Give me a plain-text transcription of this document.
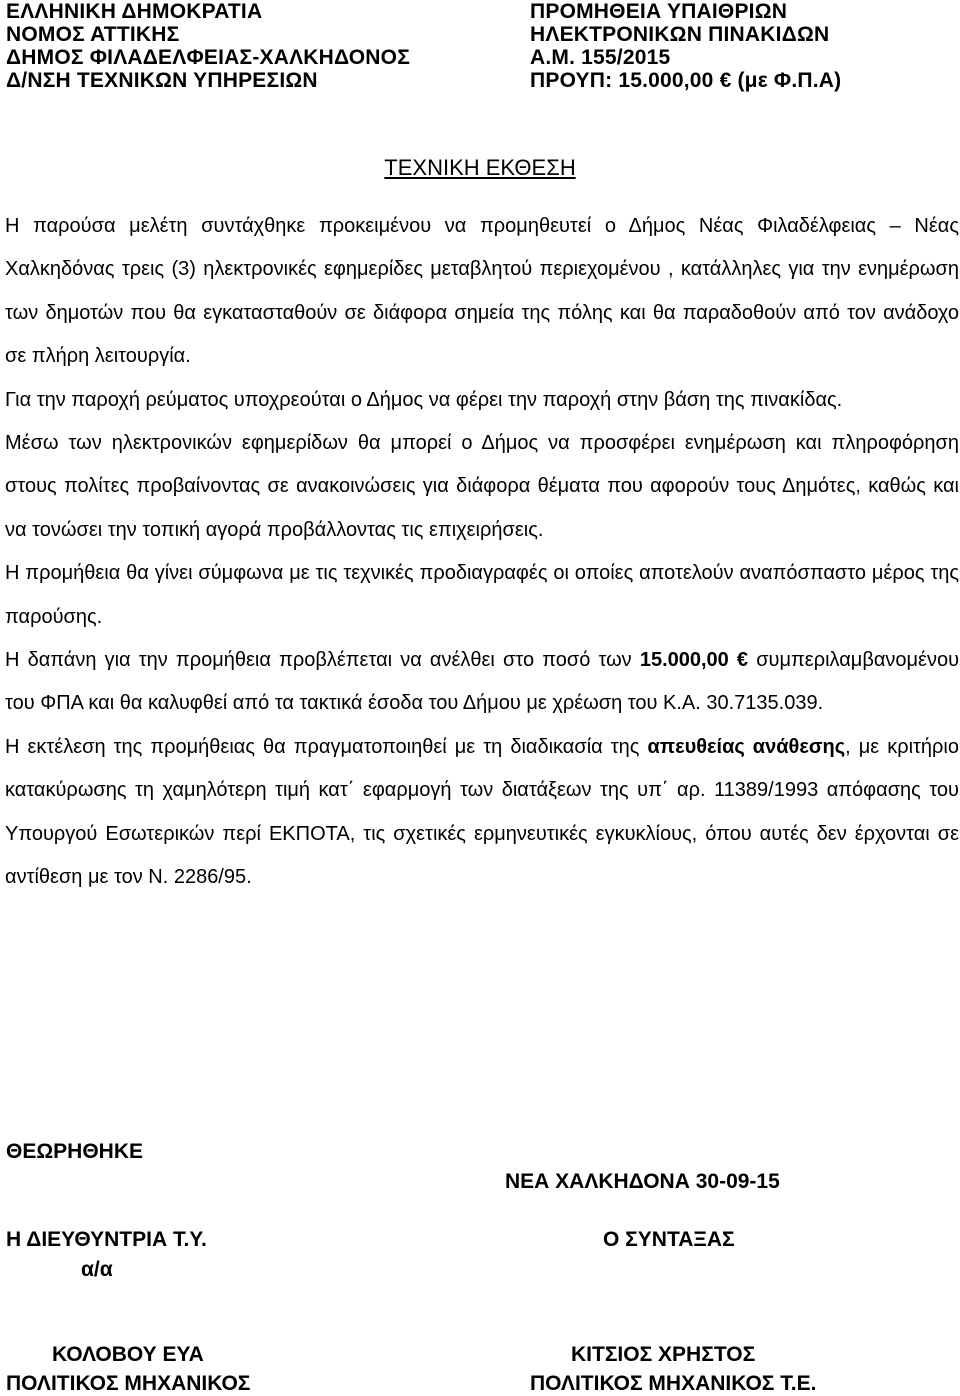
ΕΛΛΗΝΙΚΗ ΔΗΜΟΚΡΑΤΙΑ
ΝΟΜΟΣ ΑΤΤΙΚΗΣ
ΔΗΜΟΣ ΦΙΛΑΔΕΛΦΕΙΑΣ-ΧΑΛΚΗΔΟΝΟΣ
Δ/ΝΣΗ ΤΕΧΝΙΚΩΝ ΥΠΗΡΕΣΙΩΝ
ΠΡΟΜΗΘΕΙΑ ΥΠΑΙΘΡΙΩΝ
ΗΛΕΚΤΡΟΝΙΚΩΝ ΠΙΝΑΚΙΔΩΝ
Α.Μ. 155/2015
ΠΡΟΥΠ: 15.000,00 € (με Φ.Π.Α)
ΤΕΧΝΙΚΗ ΕΚΘΕΣΗ

Η παρούσα μελέτη συντάχθηκε προκειμένου να προμηθευτεί ο Δήμος Νέας Φιλαδέλφειας – Νέας Χαλκηδόνας τρεις (3) ηλεκτρονικές εφημερίδες μεταβλητού περιεχομένου , κατάλληλες για την ενημέρωση των δημοτών που θα εγκατασταθούν σε διάφορα σημεία της πόλης και θα παραδοθούν από τον ανάδοχο σε πλήρη λειτουργία.

Για την παροχή ρεύματος υποχρεούται ο Δήμος να φέρει την παροχή στην βάση της πινακίδας.

Μέσω των ηλεκτρονικών εφημερίδων θα μπορεί ο Δήμος να προσφέρει ενημέρωση και πληροφόρηση στους πολίτες προβαίνοντας σε ανακοινώσεις για διάφορα θέματα που αφορούν τους Δημότες, καθώς και να τονώσει την τοπική αγορά προβάλλοντας τις επιχειρήσεις.

Η προμήθεια θα γίνει σύμφωνα με τις τεχνικές προδιαγραφές οι οποίες αποτελούν αναπόσπαστο μέρος της παρούσης.

Η δαπάνη για την προμήθεια προβλέπεται να ανέλθει στο ποσό των 15.000,00 € συμπεριλαμβανομένου του ΦΠΑ και θα καλυφθεί από τα τακτικά έσοδα του Δήμου με χρέωση του Κ.Α. 30.7135.039.

Η εκτέλεση της προμήθειας θα πραγματοποιηθεί με τη διαδικασία της απευθείας ανάθεσης, με κριτήριο κατακύρωσης τη χαμηλότερη τιμή κατ΄ εφαρμογή των διατάξεων της υπ΄ αρ. 11389/1993 απόφασης του Υπουργού Εσωτερικών περί ΕΚΠΟΤΑ, τις σχετικές ερμηνευτικές εγκυκλίους, όπου αυτές δεν έρχονται σε αντίθεση με τον Ν. 2286/95.

ΘΕΩΡΗΘΗΚΕ
ΝΕΑ ΧΑΛΚΗΔΟΝΑ 30-09-15
Η ΔΙΕΥΘΥΝΤΡΙΑ Τ.Υ.
α/α
Ο ΣΥΝΤΑΞΑΣ
ΚΟΛΟΒΟΥ ΕΥΑ
ΠΟΛΙΤΙΚΟΣ ΜΗΧΑΝΙΚΟΣ
ΚΙΤΣΙΟΣ ΧΡΗΣΤΟΣ
ΠΟΛΙΤΙΚΟΣ ΜΗΧΑΝΙΚΟΣ Τ.Ε.
